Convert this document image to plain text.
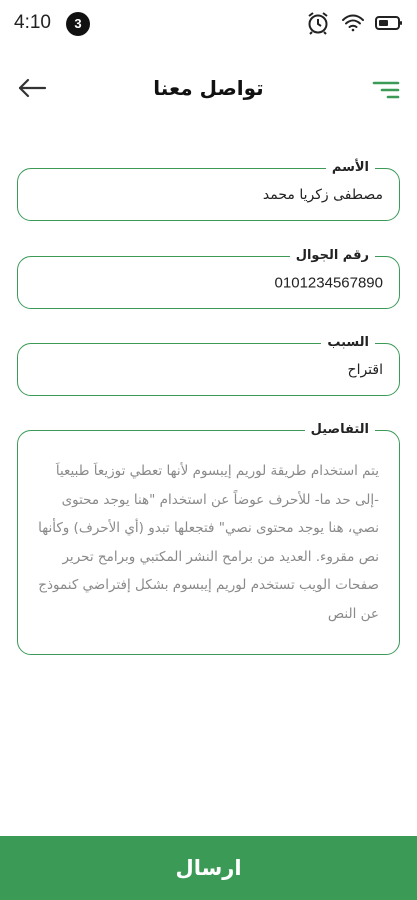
4:10	3
تواصل معنا
الأسم
مصطفى زكريا محمد
رقم الجوال
0101234567890
السبب
اقتراح
التفاصيل
يتم استخدام طريقة لوريم إيبسوم لأنها تعطي توزيعاَ طبيعياَ -إلى حد ما- للأحرف عوضاً عن استخدام "هنا يوجد محتوى نصي، هنا يوجد محتوى نصي" فتجعلها تبدو (أي الأحرف) وكأنها نص مقروء. العديد من برامح النشر المكتبي وبرامح تحرير صفحات الويب تستخدم لوريم إيبسوم بشكل إفتراضي كنموذج عن النص
ارسال
